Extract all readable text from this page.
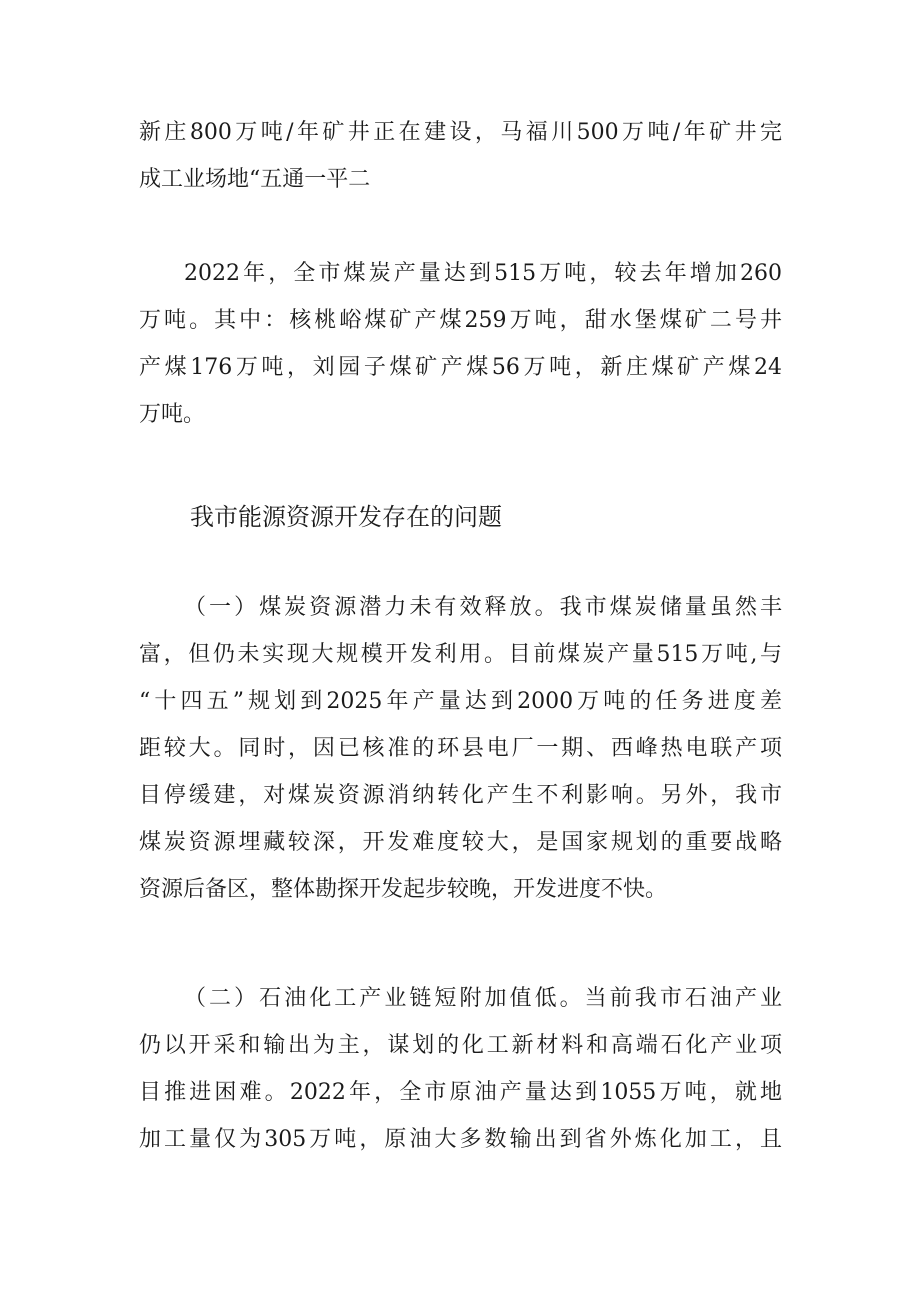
新庄800万吨/年矿井正在建设，马福川500万吨/年矿井完
成工业场地“五通一平二
2022年，全市煤炭产量达到515万吨，较去年增加260
万吨。其中：核桃峪煤矿产煤259万吨，甜水堡煤矿二号井
产煤176万吨，刘园子煤矿产煤56万吨，新庄煤矿产煤24
万吨。
我市能源资源开发存在的问题
（一）煤炭资源潜力未有效释放。我市煤炭储量虽然丰
富，但仍未实现大规模开发利用。目前煤炭产量515万吨,与
“十四五”规划到2025年产量达到2000万吨的任务进度差
距较大。同时，因已核准的环县电厂一期、西峰热电联产项
目停缓建，对煤炭资源消纳转化产生不利影响。另外，我市
煤炭资源埋藏较深，开发难度较大，是国家规划的重要战略
资源后备区，整体勘探开发起步较晚，开发进度不快。
（二）石油化工产业链短附加值低。当前我市石油产业
仍以开采和输出为主，谋划的化工新材料和高端石化产业项
目推进困难。2022年，全市原油产量达到1055万吨，就地
加工量仅为305万吨，原油大多数输出到省外炼化加工，且
